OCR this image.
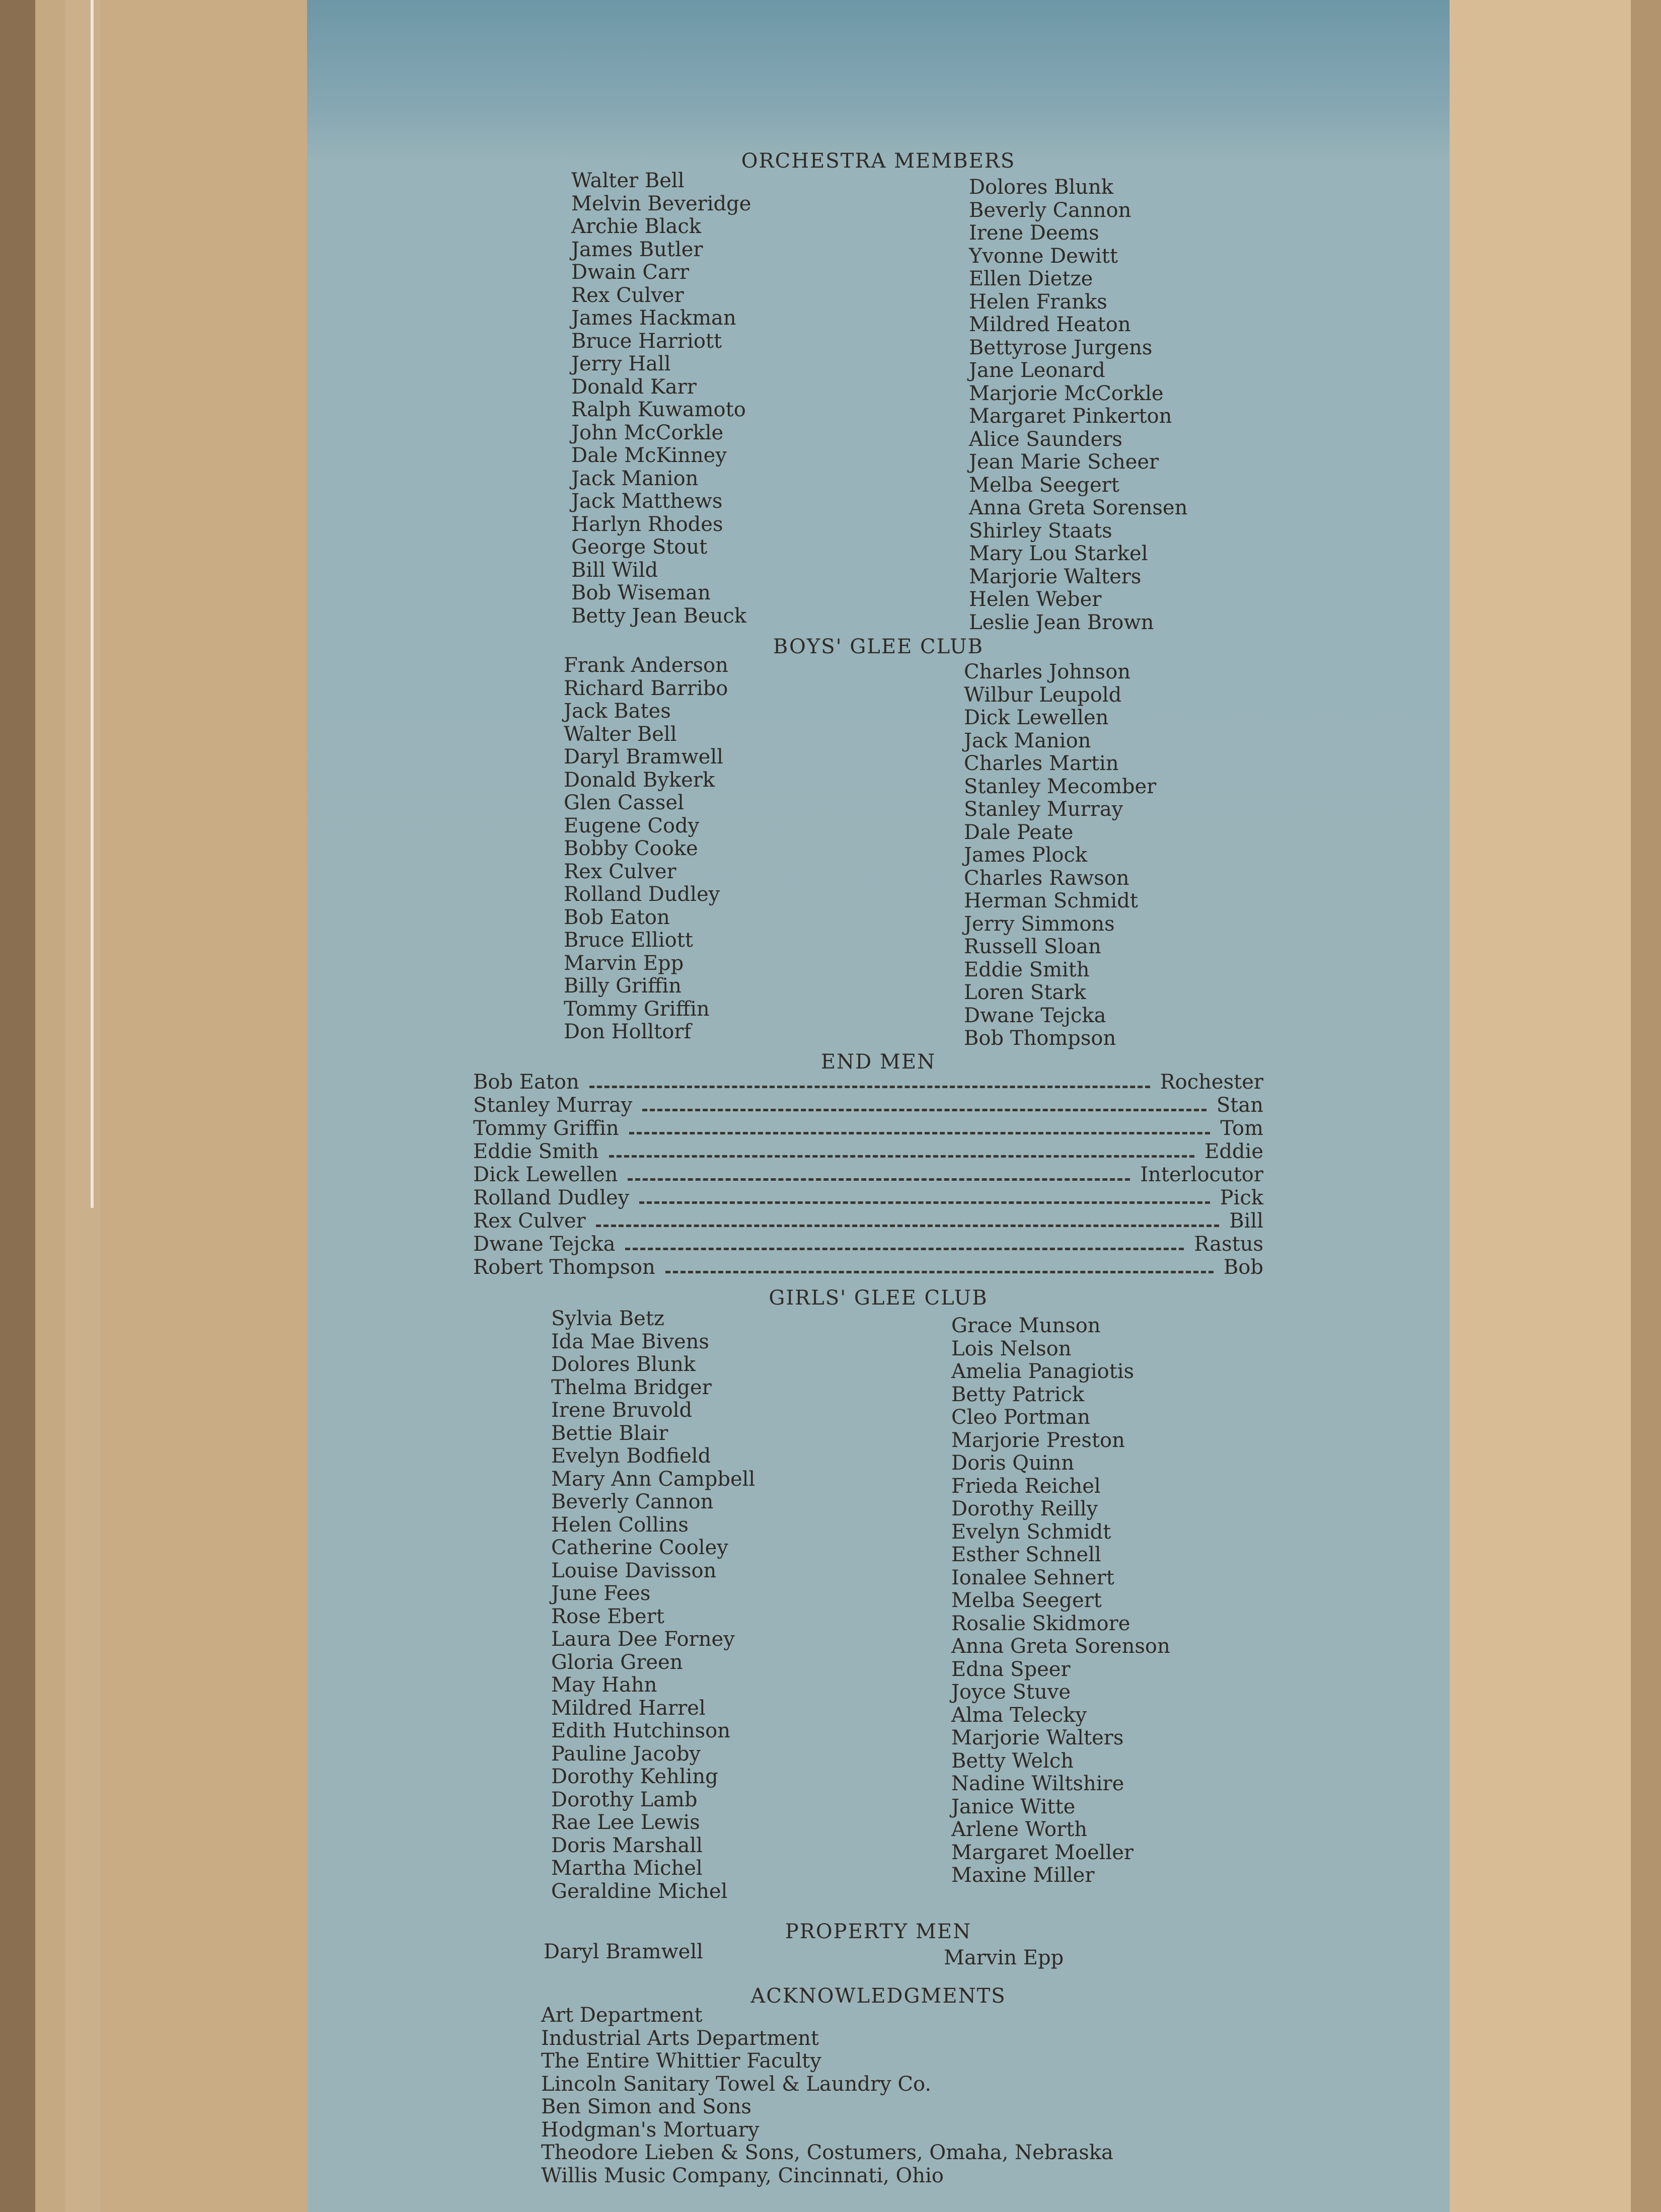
ORCHESTRA MEMBERS
Walter Bell
Melvin Beveridge
Archie Black
James Butler
Dwain Carr
Rex Culver
James Hackman
Bruce Harriott
Jerry Hall
Donald Karr
Ralph Kuwamoto
John McCorkle
Dale McKinney
Jack Manion
Jack Matthews
Harlyn Rhodes
George Stout
Bill Wild
Bob Wiseman
Betty Jean Beuck
Dolores Blunk
Beverly Cannon
Irene Deems
Yvonne Dewitt
Ellen Dietze
Helen Franks
Mildred Heaton
Bettyrose Jurgens
Jane Leonard
Marjorie McCorkle
Margaret Pinkerton
Alice Saunders
Jean Marie Scheer
Melba Seegert
Anna Greta Sorensen
Shirley Staats
Mary Lou Starkel
Marjorie Walters
Helen Weber
Leslie Jean Brown
BOYS' GLEE CLUB
Frank Anderson
Richard Barribo
Jack Bates
Walter Bell
Daryl Bramwell
Donald Bykerk
Glen Cassel
Eugene Cody
Bobby Cooke
Rex Culver
Rolland Dudley
Bob Eaton
Bruce Elliott
Marvin Epp
Billy Griffin
Tommy Griffin
Don Holltorf
Charles Johnson
Wilbur Leupold
Dick Lewellen
Jack Manion
Charles Martin
Stanley Mecomber
Stanley Murray
Dale Peate
James Plock
Charles Rawson
Herman Schmidt
Jerry Simmons
Russell Sloan
Eddie Smith
Loren Stark
Dwane Tejcka
Bob Thompson
END MEN
Bob Eaton	Rochester
Stanley Murray	Stan
Tommy Griffin	Tom
Eddie Smith	Eddie
Dick Lewellen	Interlocutor
Rolland Dudley	Pick
Rex Culver	Bill
Dwane Tejcka	Rastus
Robert Thompson	Bob
GIRLS' GLEE CLUB
Sylvia Betz
Ida Mae Bivens
Dolores Blunk
Thelma Bridger
Irene Bruvold
Bettie Blair
Evelyn Bodfield
Mary Ann Campbell
Beverly Cannon
Helen Collins
Catherine Cooley
Louise Davisson
June Fees
Rose Ebert
Laura Dee Forney
Gloria Green
May Hahn
Mildred Harrel
Edith Hutchinson
Pauline Jacoby
Dorothy Kehling
Dorothy Lamb
Rae Lee Lewis
Doris Marshall
Martha Michel
Geraldine Michel
Grace Munson
Lois Nelson
Amelia Panagiotis
Betty Patrick
Cleo Portman
Marjorie Preston
Doris Quinn
Frieda Reichel
Dorothy Reilly
Evelyn Schmidt
Esther Schnell
Ionalee Sehnert
Melba Seegert
Rosalie Skidmore
Anna Greta Sorenson
Edna Speer
Joyce Stuve
Alma Telecky
Marjorie Walters
Betty Welch
Nadine Wiltshire
Janice Witte
Arlene Worth
Margaret Moeller
Maxine Miller
PROPERTY MEN
Daryl Bramwell	Marvin Epp
ACKNOWLEDGMENTS
Art Department
Industrial Arts Department
The Entire Whittier Faculty
Lincoln Sanitary Towel & Laundry Co.
Ben Simon and Sons
Hodgman's Mortuary
Theodore Lieben & Sons, Costumers, Omaha, Nebraska
Willis Music Company, Cincinnati, Ohio
